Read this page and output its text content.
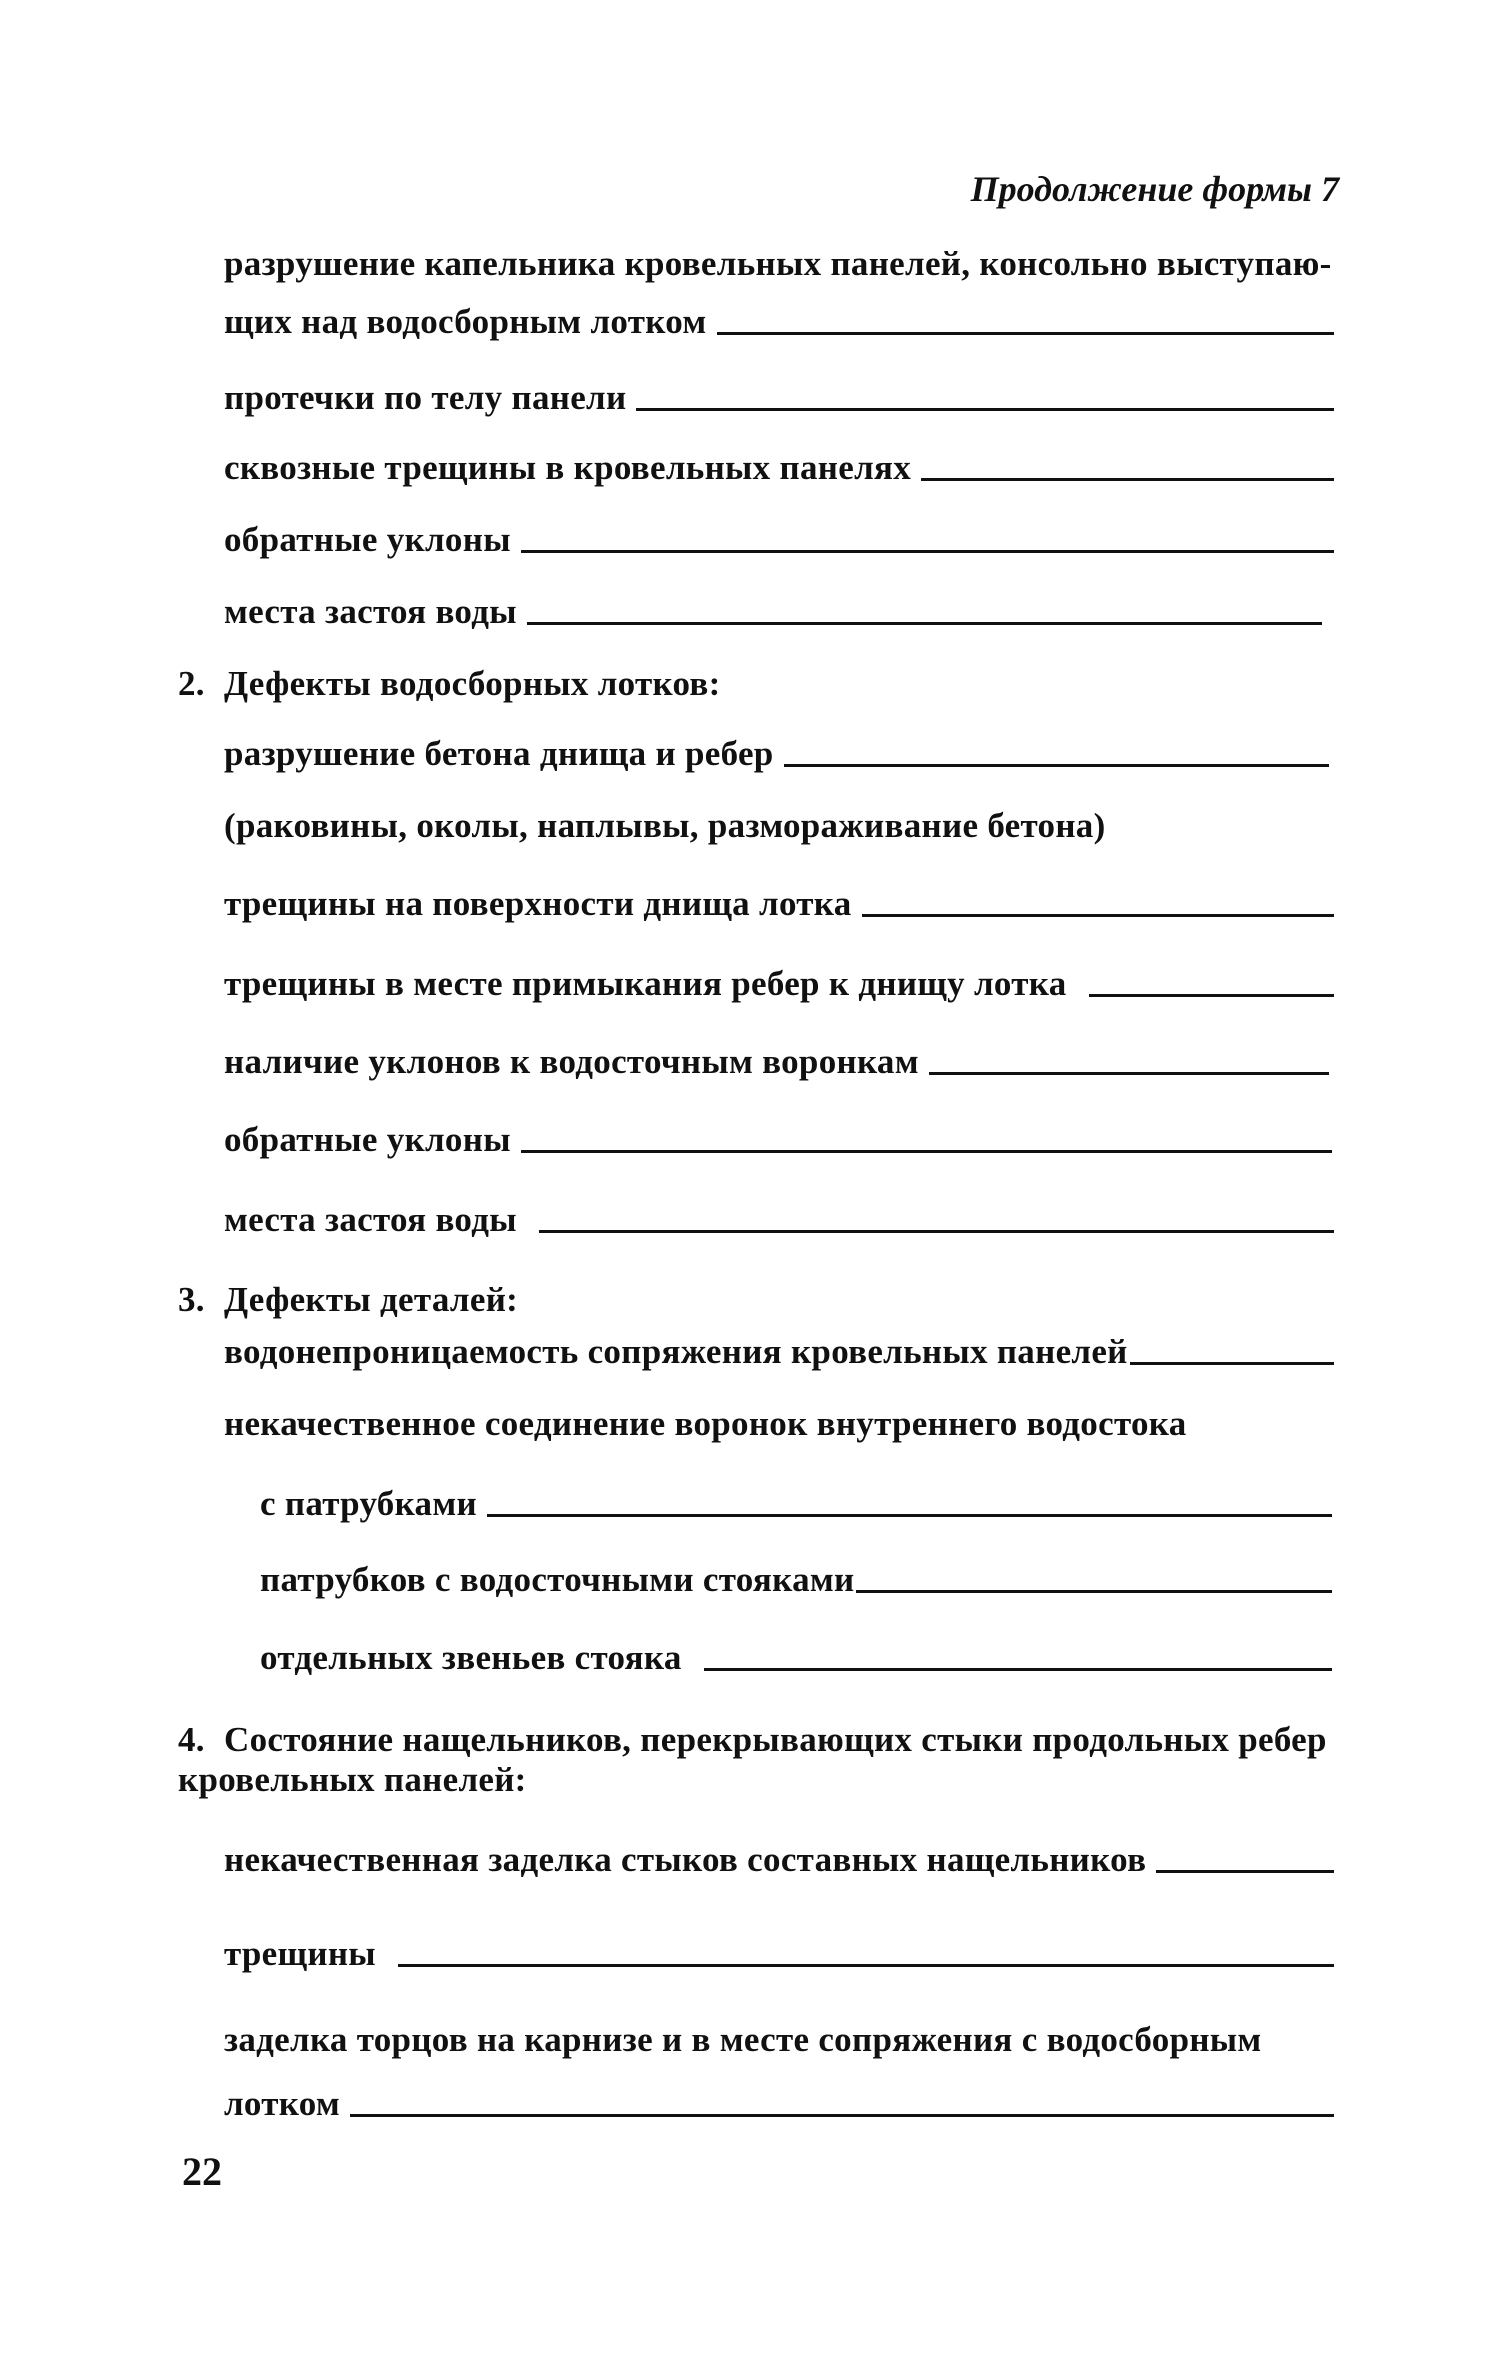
Продолжение формы 7
разрушение капельника кровельных панелей, консольно выступаю-
щих над водосборным лотком
протечки по телу панели
сквозные трещины в кровельных панелях
обратные уклоны
места застоя воды
2. Дефекты водосборных лотков:
разрушение бетона днища и ребер
(раковины, околы, наплывы, размораживание бетона)
трещины на поверхности днища лотка
трещины в месте примыкания ребер к днищу лотка
наличие уклонов к водосточным воронкам
обратные уклоны
места застоя воды
3. Дефекты деталей:
водонепроницаемость сопряжения кровельных панелей
некачественное соединение воронок внутреннего водостока
с патрубками
патрубков с водосточными стояками
отдельных звеньев стояка
4. Состояние нащельников, перекрывающих стыки продольных ребер кровельных панелей:
некачественная заделка стыков составных нащельников
трещины
заделка торцов на карнизе и в месте сопряжения с водосборным
лотком
22
